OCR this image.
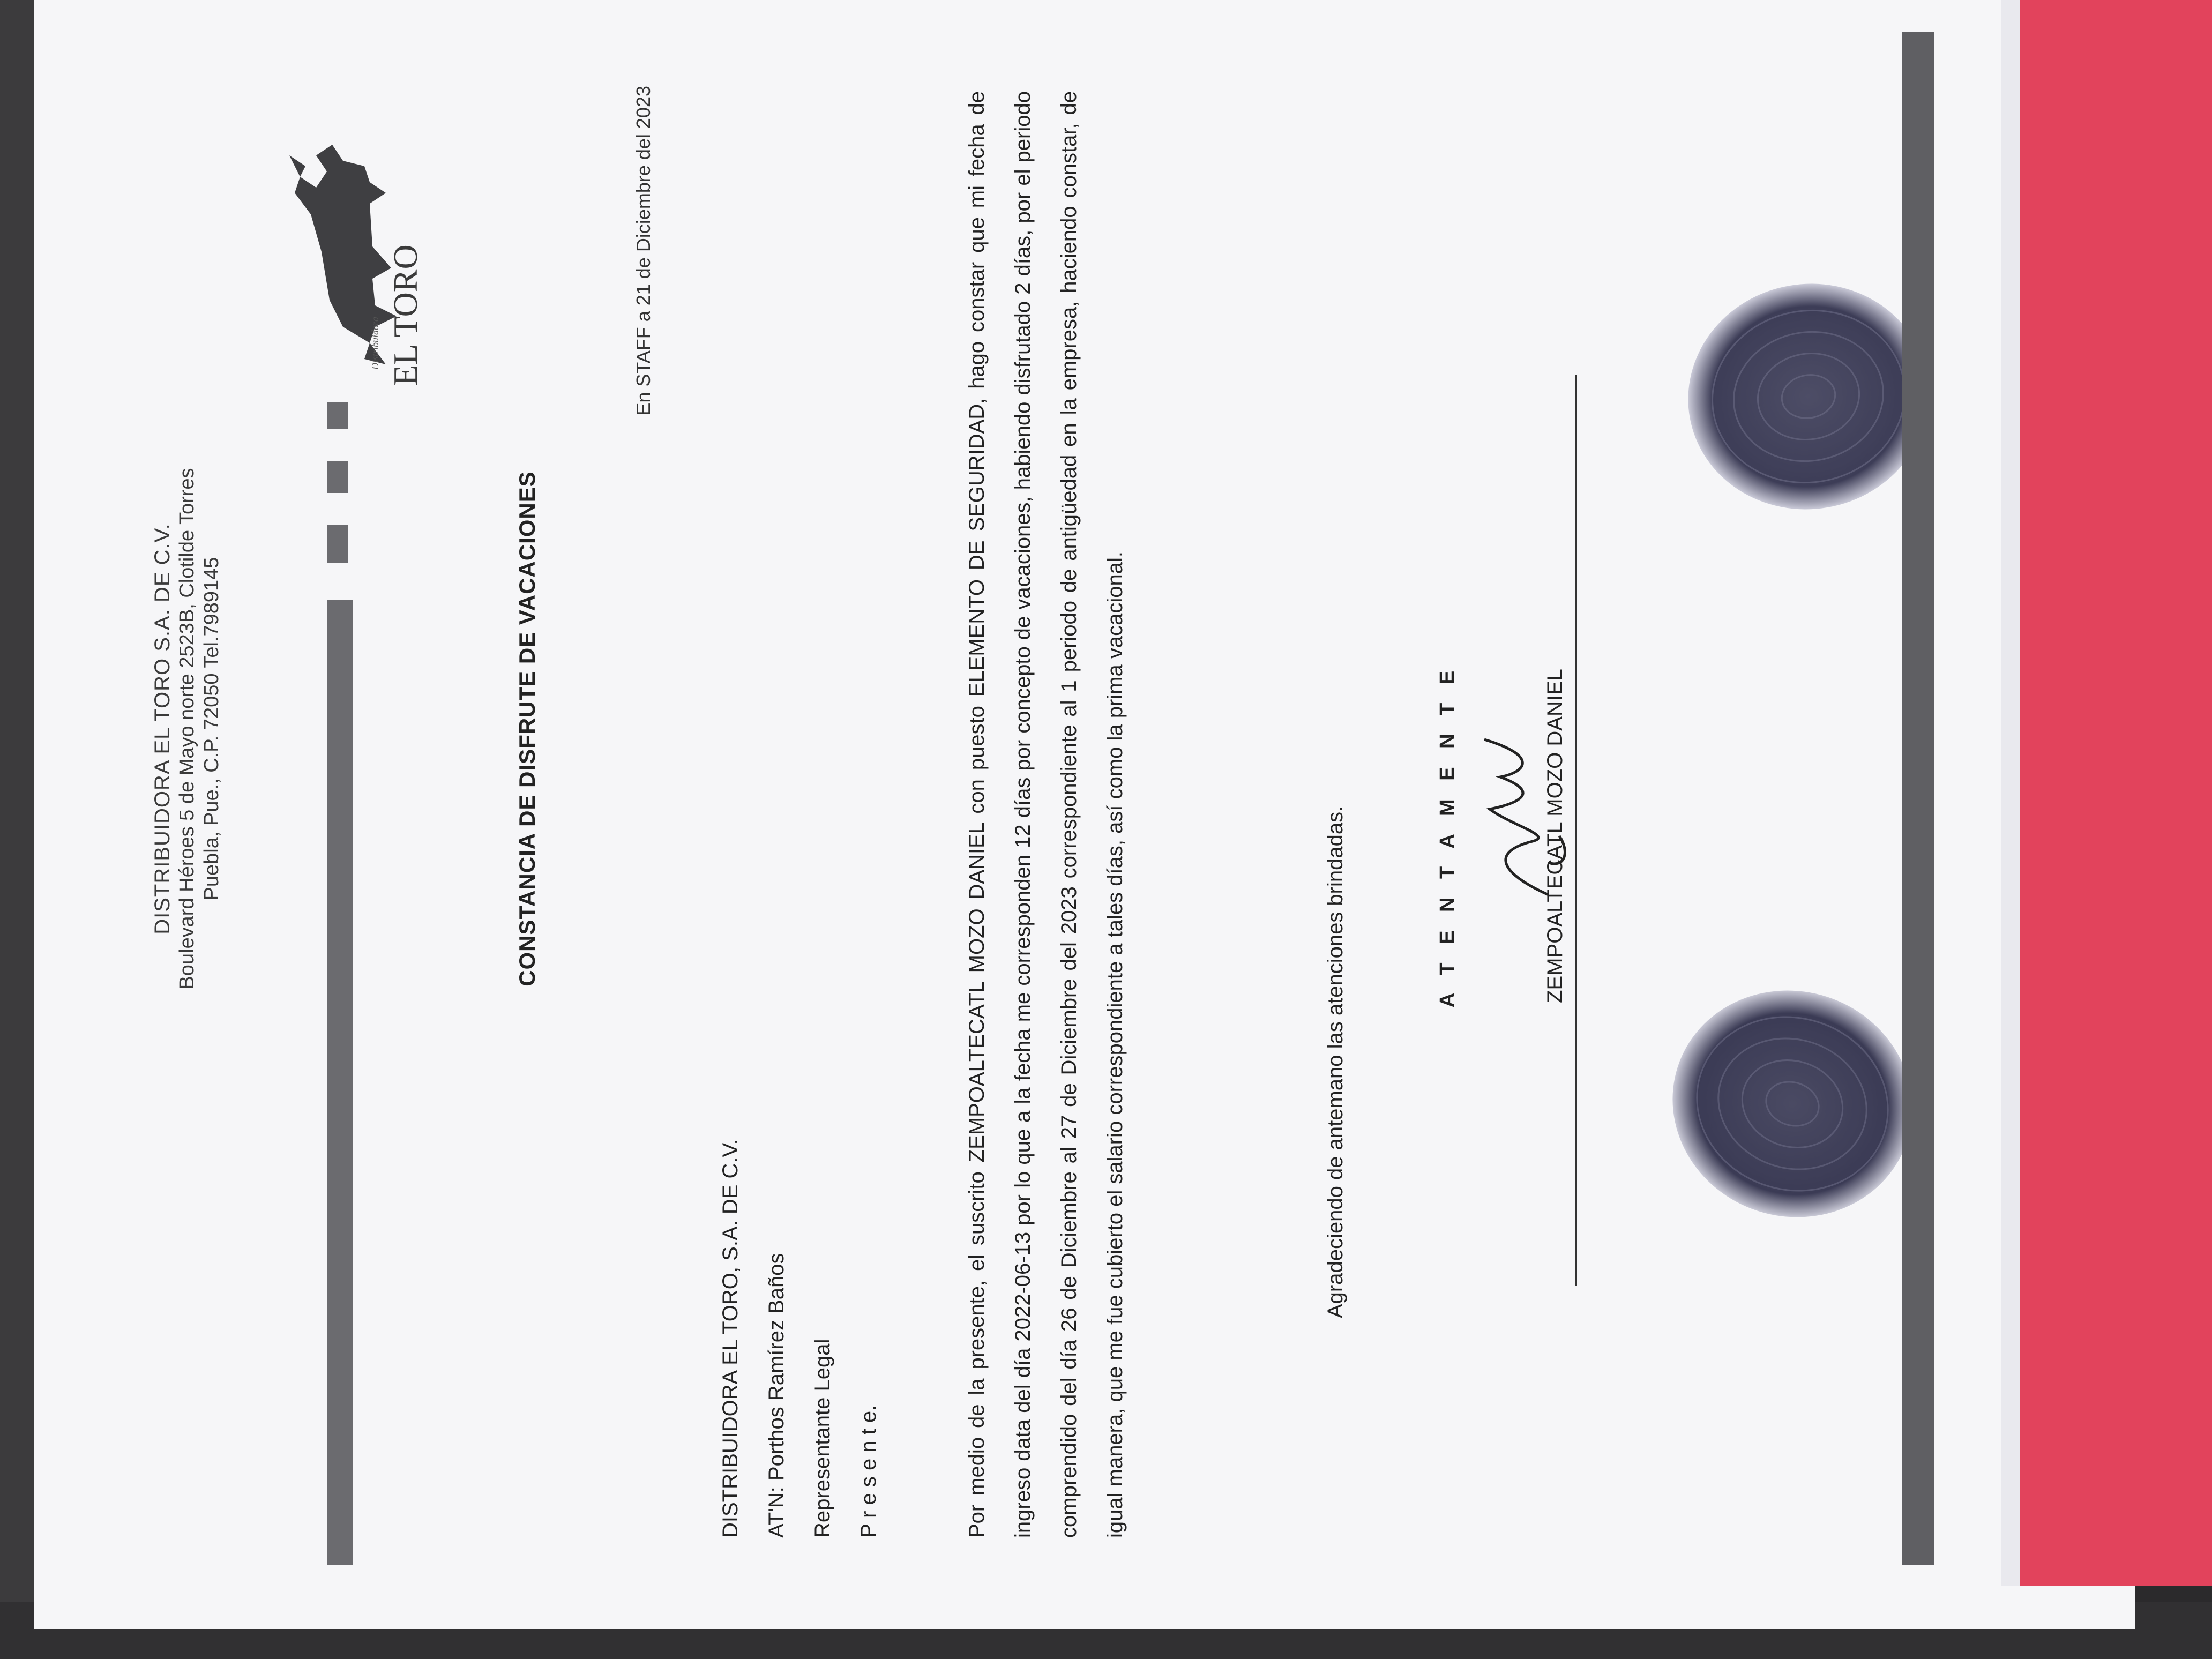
DISTRIBUIDORA EL TORO S.A. DE C.V. Boulevard Héroes 5 de Mayo norte 2523B, Clotilde Torres Puebla, Pue., C.P. 72050 Tel.7989145
Distribuidora EL TORO
CONSTANCIA DE DISFRUTE DE VACACIONES
En STAFF a 21 de Diciembre del 2023
DISTRIBUIDORA EL TORO, S.A. DE C.V.	AT'N: Porthos Ramírez Baños	Representante Legal	P r e s e n t e.	Por medio de la presente, el suscrito ZEMPOALTECATL MOZO DANIEL con puesto ELEMENTO DE SEGURIDAD, hago constar que mi fecha de ingreso data del día 2022-06-13 por lo que a la fecha me corresponden 12 días por concepto de vacaciones, habiendo disfrutado 2 días, por el periodo comprendido del día 26 de Diciembre al 27 de Diciembre del 2023 correspondiente al 1 periodo de antigüedad en la empresa, haciendo constar, de igual manera, que me fue cubierto el salario correspondiente a tales días, así como la prima vacacional.	Agradeciendo de antemano las atenciones brindadas.	A T E N T A M E N T E	ZEMPOALTECATL MOZO DANIEL
